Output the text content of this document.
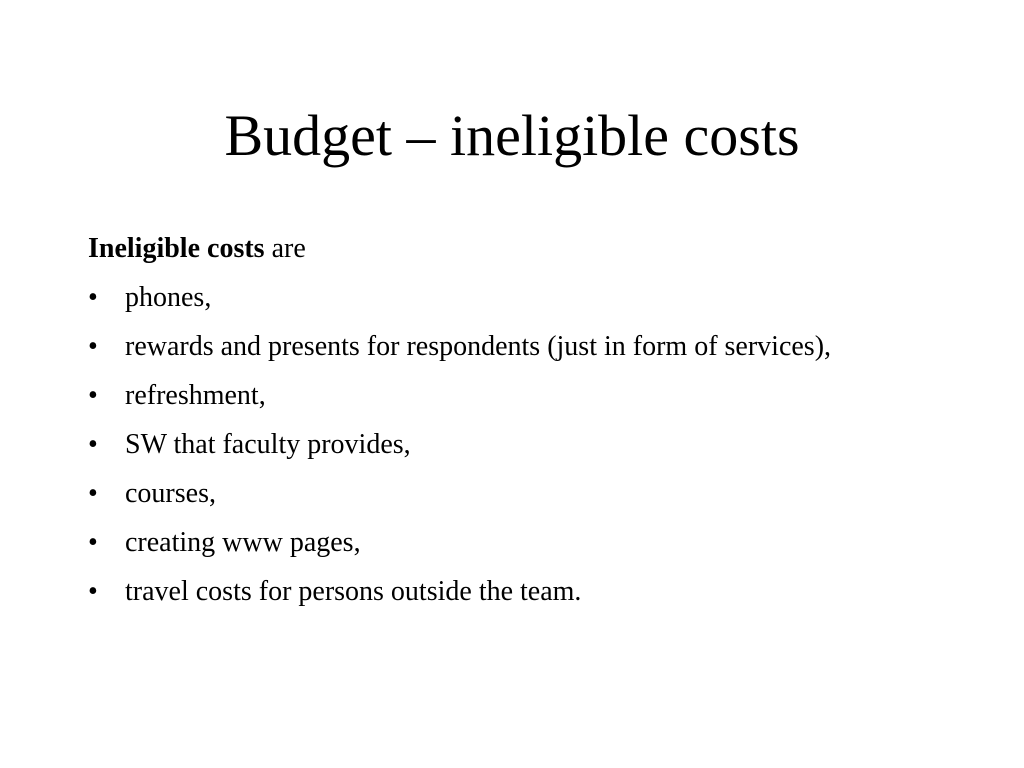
Budget – ineligible costs

Ineligible costs are

• phones,
• rewards and presents for respondents (just in form of services),
• refreshment,
• SW that faculty provides,
• courses,
• creating www pages,
• travel costs for persons outside the team.
